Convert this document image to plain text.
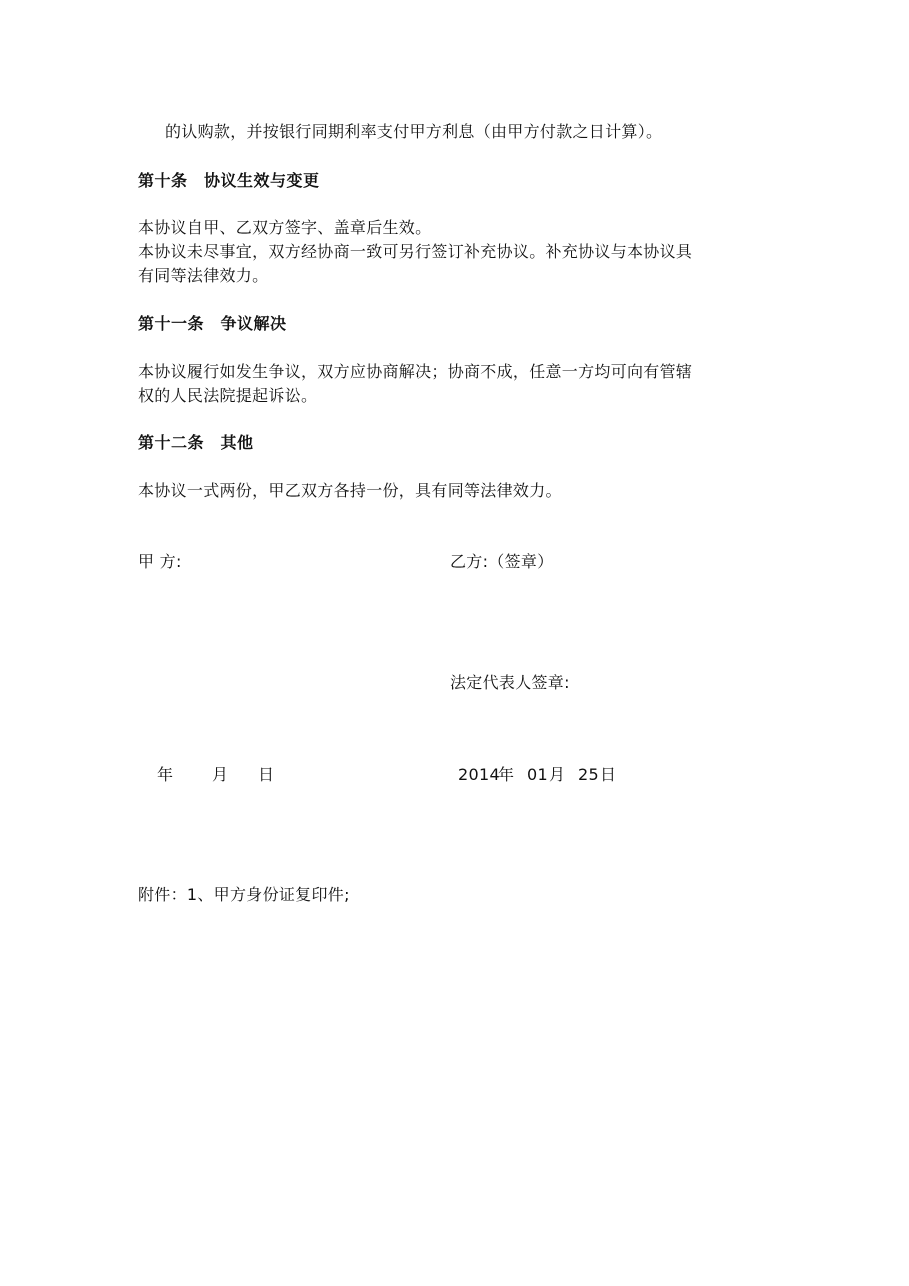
的认购款，并按银行同期利率支付甲方利息（由甲方付款之日计算）。
第十条　协议生效与变更
本协议自甲、乙双方签字、盖章后生效。
本协议未尽事宜，双方经协商一致可另行签订补充协议。补充协议与本协议具
有同等法律效力。
第十一条　争议解决
本协议履行如发生争议，双方应协商解决；协商不成，任意一方均可向有管辖
权的人民法院提起诉讼。
第十二条　其他
本协议一式两份，甲乙双方各持一份，具有同等法律效力。
甲 方:	乙方:（签章）
法定代表人签章:
年 月 日	2014
年 01 月 25 日
附件：1、甲方身份证复印件;
